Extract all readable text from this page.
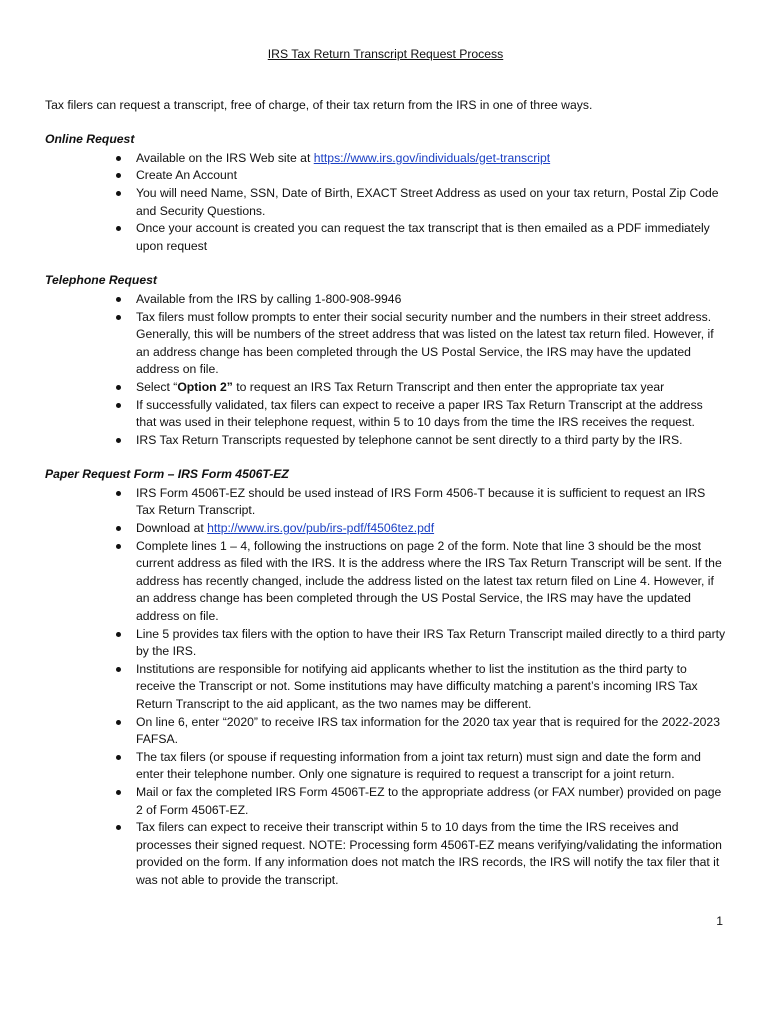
IRS Tax Return Transcript Request Process

Tax filers can request a transcript, free of charge, of their tax return from the IRS in one of three ways.

Online Request

Available on the IRS Web site at https://www.irs.gov/individuals/get-transcript
Create An Account
You will need Name, SSN, Date of Birth, EXACT Street Address as used on your tax return, Postal Zip Code and Security Questions.
Once your account is created you can request the tax transcript that is then emailed as a PDF immediately upon request

Telephone Request

Available from the IRS by calling 1-800-908-9946
Tax filers must follow prompts to enter their social security number and the numbers in their street address. Generally, this will be numbers of the street address that was listed on the latest tax return filed. However, if an address change has been completed through the US Postal Service, the IRS may have the updated address on file.
Select “Option 2” to request an IRS Tax Return Transcript and then enter the appropriate tax year
If successfully validated, tax filers can expect to receive a paper IRS Tax Return Transcript at the address that was used in their telephone request, within 5 to 10 days from the time the IRS receives the request.
IRS Tax Return Transcripts requested by telephone cannot be sent directly to a third party by the IRS.

Paper Request Form – IRS Form 4506T-EZ

IRS Form 4506T-EZ should be used instead of IRS Form 4506-T because it is sufficient to request an IRS Tax Return Transcript.
Download at http://www.irs.gov/pub/irs-pdf/f4506tez.pdf
Complete lines 1 – 4, following the instructions on page 2 of the form. Note that line 3 should be the most current address as filed with the IRS. It is the address where the IRS Tax Return Transcript will be sent. If the address has recently changed, include the address listed on the latest tax return filed on Line 4. However, if an address change has been completed through the US Postal Service, the IRS may have the updated address on file.
Line 5 provides tax filers with the option to have their IRS Tax Return Transcript mailed directly to a third party by the IRS.
Institutions are responsible for notifying aid applicants whether to list the institution as the third party to receive the Transcript or not. Some institutions may have difficulty matching a parent’s incoming IRS Tax Return Transcript to the aid applicant, as the two names may be different.
On line 6, enter “2020” to receive IRS tax information for the 2020 tax year that is required for the 2022-2023 FAFSA.
The tax filers (or spouse if requesting information from a joint tax return) must sign and date the form and enter their telephone number. Only one signature is required to request a transcript for a joint return.
Mail or fax the completed IRS Form 4506T-EZ to the appropriate address (or FAX number) provided on page 2 of Form 4506T-EZ.
Tax filers can expect to receive their transcript within 5 to 10 days from the time the IRS receives and processes their signed request. NOTE: Processing form 4506T-EZ means verifying/validating the information provided on the form. If any information does not match the IRS records, the IRS will notify the tax filer that it was not able to provide the transcript.

1
